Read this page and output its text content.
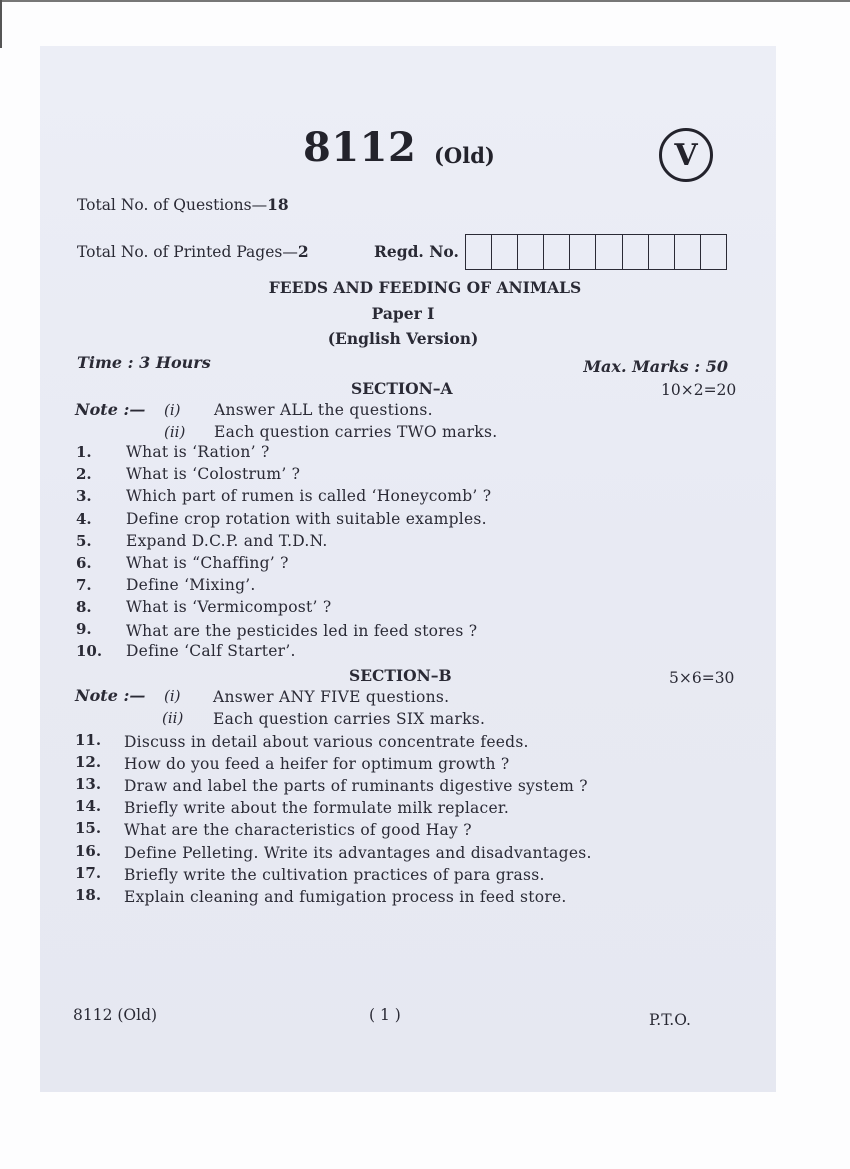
8112 (Old)	V
Total No. of Questions—18
Total No. of Printed Pages—2	Regd. No.
FEEDS AND FEEDING OF ANIMALS
Paper I
(English Version)
Time : 3 Hours	Max. Marks : 50
SECTION–A	10×2=20
Note :— (i) Answer ALL the questions.
(ii) Each question carries TWO marks.
1. What is ‘Ration’ ?
2. What is ‘Colostrum’ ?
3. Which part of rumen is called ‘Honeycomb’ ?
4. Define crop rotation with suitable examples.
5. Expand D.C.P. and T.D.N.
6. What is “Chaffing’ ?
7. Define ‘Mixing’.
8. What is ‘Vermicompost’ ?
9. What are the pesticides led in feed stores ?
10. Define ‘Calf Starter’.
SECTION–B	5×6=30
Note :— (i) Answer ANY FIVE questions.
(ii) Each question carries SIX marks.
11. Discuss in detail about various concentrate feeds.
12. How do you feed a heifer for optimum growth ?
13. Draw and label the parts of ruminants digestive system ?
14. Briefly write about the formulate milk replacer.
15. What are the characteristics of good Hay ?
16. Define Pelleting. Write its advantages and disadvantages.
17. Briefly write the cultivation practices of para grass.
18. Explain cleaning and fumigation process in feed store.
8112 (Old)	( 1 )	P.T.O.
